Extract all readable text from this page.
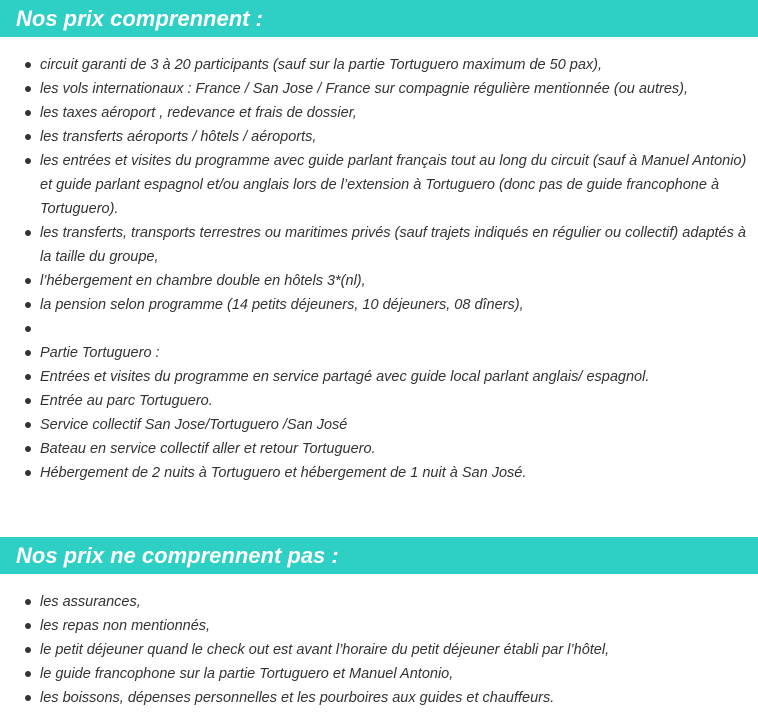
Nos prix comprennent :
circuit garanti de 3 à 20 participants (sauf sur la partie Tortuguero maximum de 50 pax),
les vols internationaux : France / San Jose / France sur compagnie régulière mentionnée (ou autres),
les taxes aéroport , redevance et frais de dossier,
les transferts aéroports / hôtels / aéroports,
les entrées et visites du programme avec guide parlant français tout au long du circuit (sauf à Manuel Antonio) et guide parlant espagnol et/ou anglais lors de l’extension à Tortuguero (donc pas de guide francophone à Tortuguero).
les transferts, transports terrestres ou maritimes privés (sauf trajets indiqués en régulier ou collectif) adaptés à la taille du groupe,
l’hébergement en chambre double en hôtels 3*(nl),
la pension selon programme (14 petits déjeuners, 10 déjeuners, 08 dîners),
Partie Tortuguero :
Entrées et visites du programme en service partagé avec guide local parlant anglais/ espagnol.
Entrée au parc Tortuguero.
Service collectif San Jose/Tortuguero /San José
Bateau en service collectif aller et retour Tortuguero.
Hébergement de 2 nuits à Tortuguero et hébergement de 1 nuit à San José.
Nos prix ne comprennent pas :
les assurances,
les repas non mentionnés,
le petit déjeuner quand le check out est avant l’horaire du petit déjeuner établi par l’hôtel,
le guide francophone sur la partie Tortuguero et Manuel Antonio,
les boissons, dépenses personnelles et les pourboires aux guides et chauffeurs.
